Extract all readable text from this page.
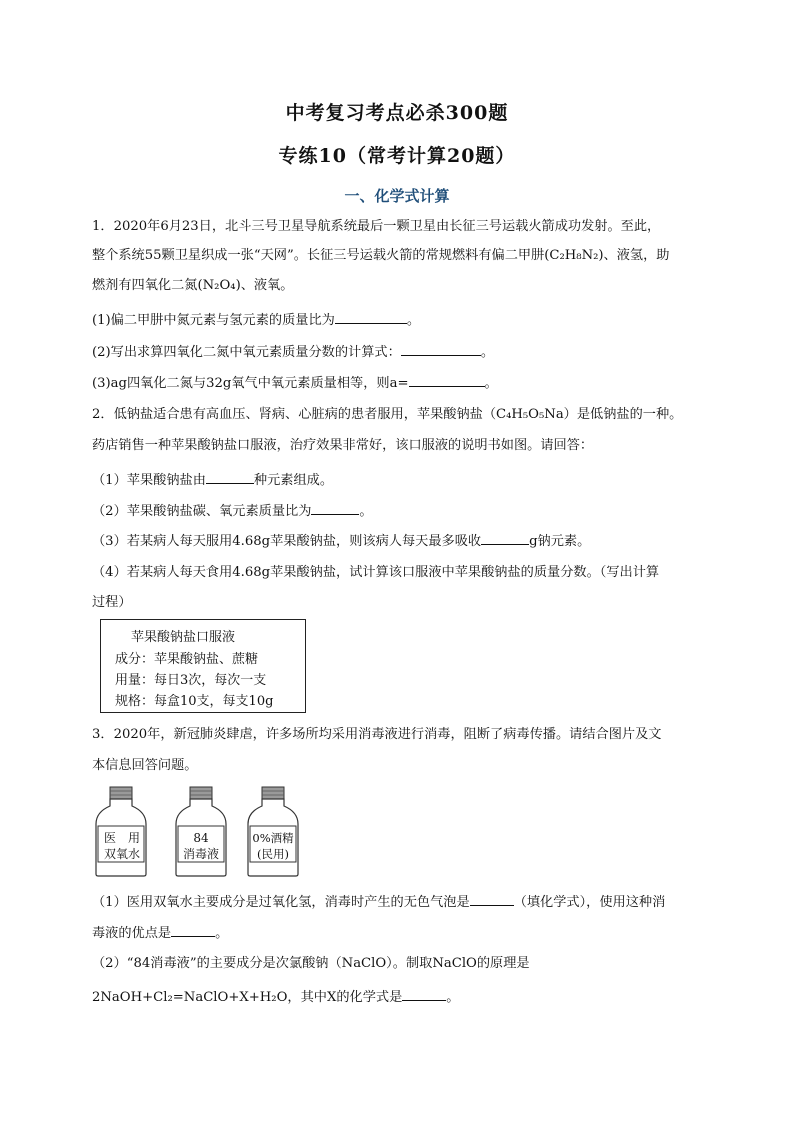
中考复习考点必杀300题
专练10（常考计算20题）
一、化学式计算
1．2020年6月23日，北斗三号卫星导航系统最后一颗卫星由长征三号运载火箭成功发射。至此，
整个系统55颗卫星织成一张“天网”。长征三号运载火箭的常规燃料有偏二甲肼(C₂H₈N₂)、液氢，助
燃剂有四氧化二氮(N₂O₄)、液氧。
(1)偏二甲肼中氮元素与氢元素的质量比为	。
(2)写出求算四氧化二氮中氧元素质量分数的计算式：	。
(3)ag四氧化二氮与32g氧气中氧元素质量相等，则a=	。
2．低钠盐适合患有高血压、肾病、心脏病的患者服用，苹果酸钠盐（C₄H₅O₅Na）是低钠盐的一种。
药店销售一种苹果酸钠盐口服液，治疗效果非常好，该口服液的说明书如图。请回答：
（1）苹果酸钠盐由	种元素组成。
（2）苹果酸钠盐碳、氧元素质量比为	。
（3）若某病人每天服用4.68g苹果酸钠盐，则该病人每天最多吸收	g钠元素。
（4）若某病人每天食用4.68g苹果酸钠盐，试计算该口服液中苹果酸钠盐的质量分数。（写出计算
过程）
苹果酸钠盐口服液
成分：苹果酸钠盐、蔗糖
用量：每日3次，每次一支
规格：每盒10支，每支10g
3．2020年，新冠肺炎肆虐，许多场所均采用消毒液进行消毒，阻断了病毒传播。请结合图片及文
本信息回答问题。
医　用
双氧水
84
消毒液
0%酒精
(民用)
（1）医用双氧水主要成分是过氧化氢，消毒时产生的无色气泡是	（填化学式），使用这种消
毒液的优点是	。
（2）“84消毒液”的主要成分是次氯酸钠（NaClO）。制取NaClO的原理是
2NaOH+Cl₂=NaClO+X+H₂O，其中X的化学式是	。
